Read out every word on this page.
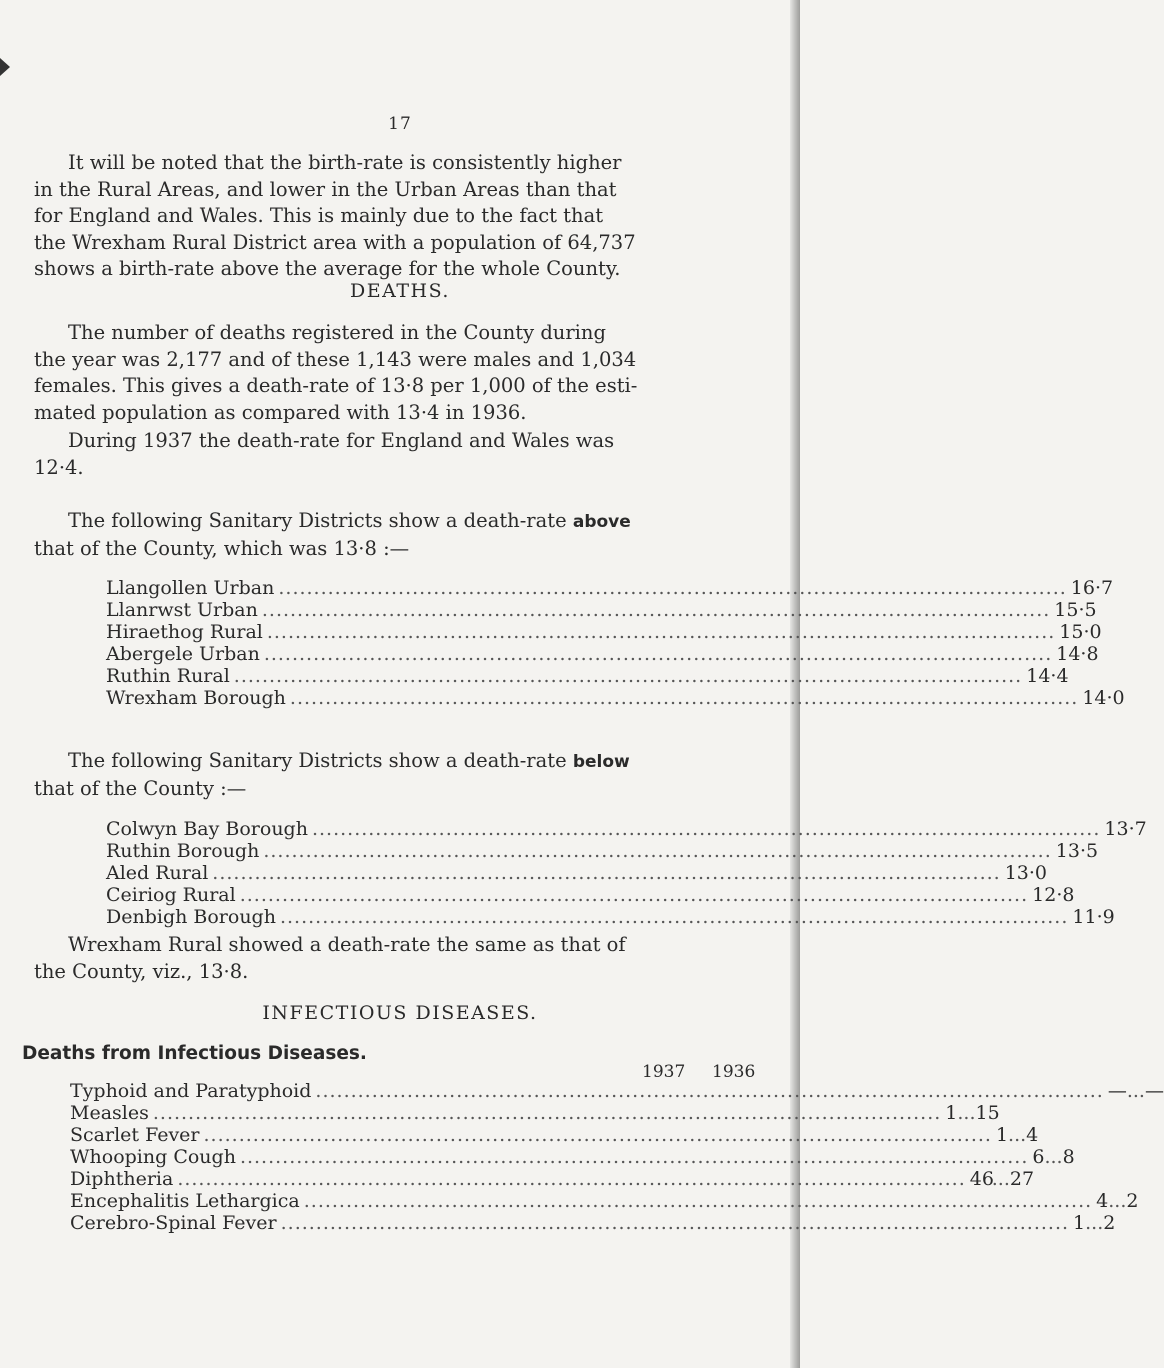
17

It will be noted that the birth-rate is consistently higher
in the Rural Areas, and lower in the Urban Areas than that
for England and Wales. This is mainly due to the fact that
the Wrexham Rural District area with a population of 64,737
shows a birth-rate above the average for the whole County.

DEATHS.

The number of deaths registered in the County during
the year was 2,177 and of these 1,143 were males and 1,034
females. This gives a death-rate of 13·8 per 1,000 of the esti-
mated population as compared with 13·4 in 1936.

During 1937 the death-rate for England and Wales was
12·4.

The following Sanitary Districts show a death-rate above
that of the County, which was 13·8 :—

Llangollen Urban ................................................................................................................ 16·7
Llanrwst Urban ................................................................................................................ 15·5
Hiraethog Rural ................................................................................................................ 15·0
Abergele Urban ................................................................................................................ 14·8
Ruthin Rural ................................................................................................................ 14·4
Wrexham Borough ................................................................................................................ 14·0

The following Sanitary Districts show a death-rate below
that of the County :—

Colwyn Bay Borough ................................................................................................................ 13·7
Ruthin Borough ................................................................................................................ 13·5
Aled Rural ................................................................................................................ 13·0
Ceiriog Rural ................................................................................................................ 12·8
Denbigh Borough ................................................................................................................ 11·9

Wrexham Rural showed a death-rate the same as that of
the County, viz., 13·8.

INFECTIOUS DISEASES.
Deaths from Infectious Diseases.
1937 1936
Typhoid and Paratyphoid ................................................................................................................ — ... —
Measles ................................................................................................................ 1 ... 15
Scarlet Fever ................................................................................................................ 1 ... 4
Whooping Cough ................................................................................................................ 6 ... 8
Diphtheria ................................................................................................................ 46
... 27
Encephalitis Lethargica ................................................................................................................ 4 ... 2
Cerebro-Spinal Fever ................................................................................................................ 1 ... 2
